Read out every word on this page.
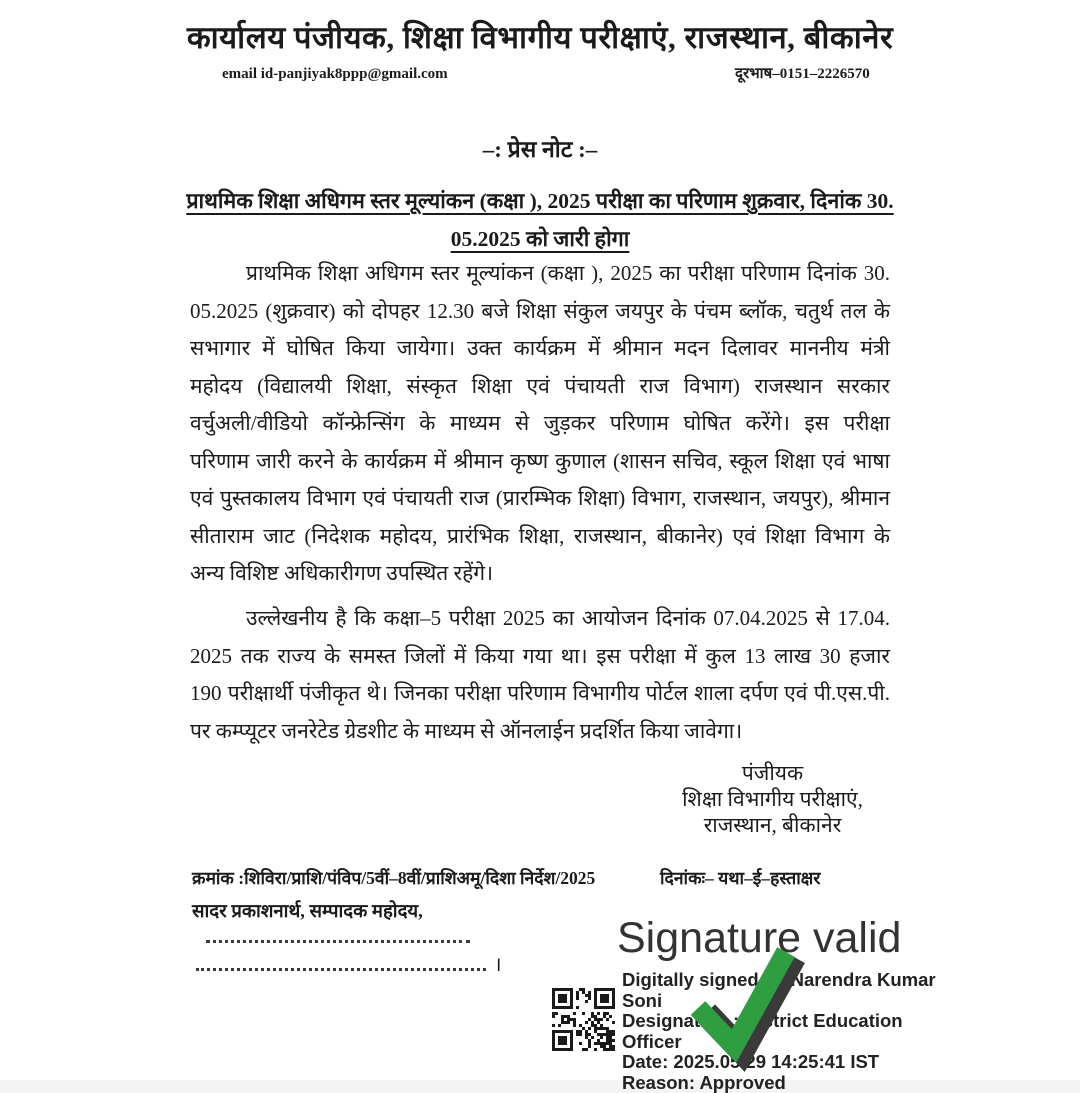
कार्यालय पंजीयक, शिक्षा विभागीय परीक्षाएं, राजस्थान, बीकानेर
email id-panjiyak8ppp@gmail.com	दूरभाष–0151–2226570
–: प्रेस नोट :–
प्राथमिक शिक्षा अधिगम स्तर मूल्यांकन (कक्षा ), 2025 परीक्षा का परिणाम शुक्रवार, दिनांक 30.
05.2025 को जारी होगा
प्राथमिक शिक्षा अधिगम स्तर मूल्यांकन (कक्षा ), 2025 का परीक्षा परिणाम दिनांक 30.
05.2025 (शुक्रवार) को दोपहर 12.30 बजे शिक्षा संकुल जयपुर के पंचम ब्लॉक, चतुर्थ तल के
सभागार में घोषित किया जायेगा। उक्त कार्यक्रम में श्रीमान मदन दिलावर माननीय मंत्री
महोदय (विद्यालयी शिक्षा, संस्कृत शिक्षा एवं पंचायती राज विभाग) राजस्थान सरकार
वर्चुअली/वीडियो कॉन्फ्रेन्सिंग के माध्यम से जुड़कर परिणाम घोषित करेंगे। इस परीक्षा
परिणाम जारी करने के कार्यक्रम में श्रीमान कृष्ण कुणाल (शासन सचिव, स्कूल शिक्षा एवं भाषा
एवं पुस्तकालय विभाग एवं पंचायती राज (प्रारम्भिक शिक्षा) विभाग, राजस्थान, जयपुर), श्रीमान
सीताराम जाट (निदेशक महोदय, प्रारंभिक शिक्षा, राजस्थान, बीकानेर) एवं शिक्षा विभाग के
अन्य विशिष्ट अधिकारीगण उपस्थित रहेंगे।
उल्लेखनीय है कि कक्षा–5 परीक्षा 2025 का आयोजन दिनांक 07.04.2025 से 17.04.
2025 तक राज्य के समस्त जिलों में किया गया था। इस परीक्षा में कुल 13 लाख 30 हजार
190 परीक्षार्थी पंजीकृत थे। जिनका परीक्षा परिणाम विभागीय पोर्टल शाला दर्पण एवं पी.एस.पी.
पर कम्प्यूटर जनरेटेड ग्रेडशीट के माध्यम से ऑनलाईन प्रदर्शित किया जावेगा।
पंजीयक
शिक्षा विभागीय परीक्षाएं,
राजस्थान, बीकानेर
क्रमांक :शिविरा/प्राशि/पंविप/5वीं–8वीं/प्राशिअमू/दिशा निर्देश/2025	दिनांकः– यथा–ई–हस्ताक्षर
सादर प्रकाशनार्थ, सम्पादक महोदय,
।
Signature valid
Digitally signed by Narendra Kumar
Soni
Designation : District Education Officer
Date: 2025.05.29 14:25:41 IST
Reason: Approved
